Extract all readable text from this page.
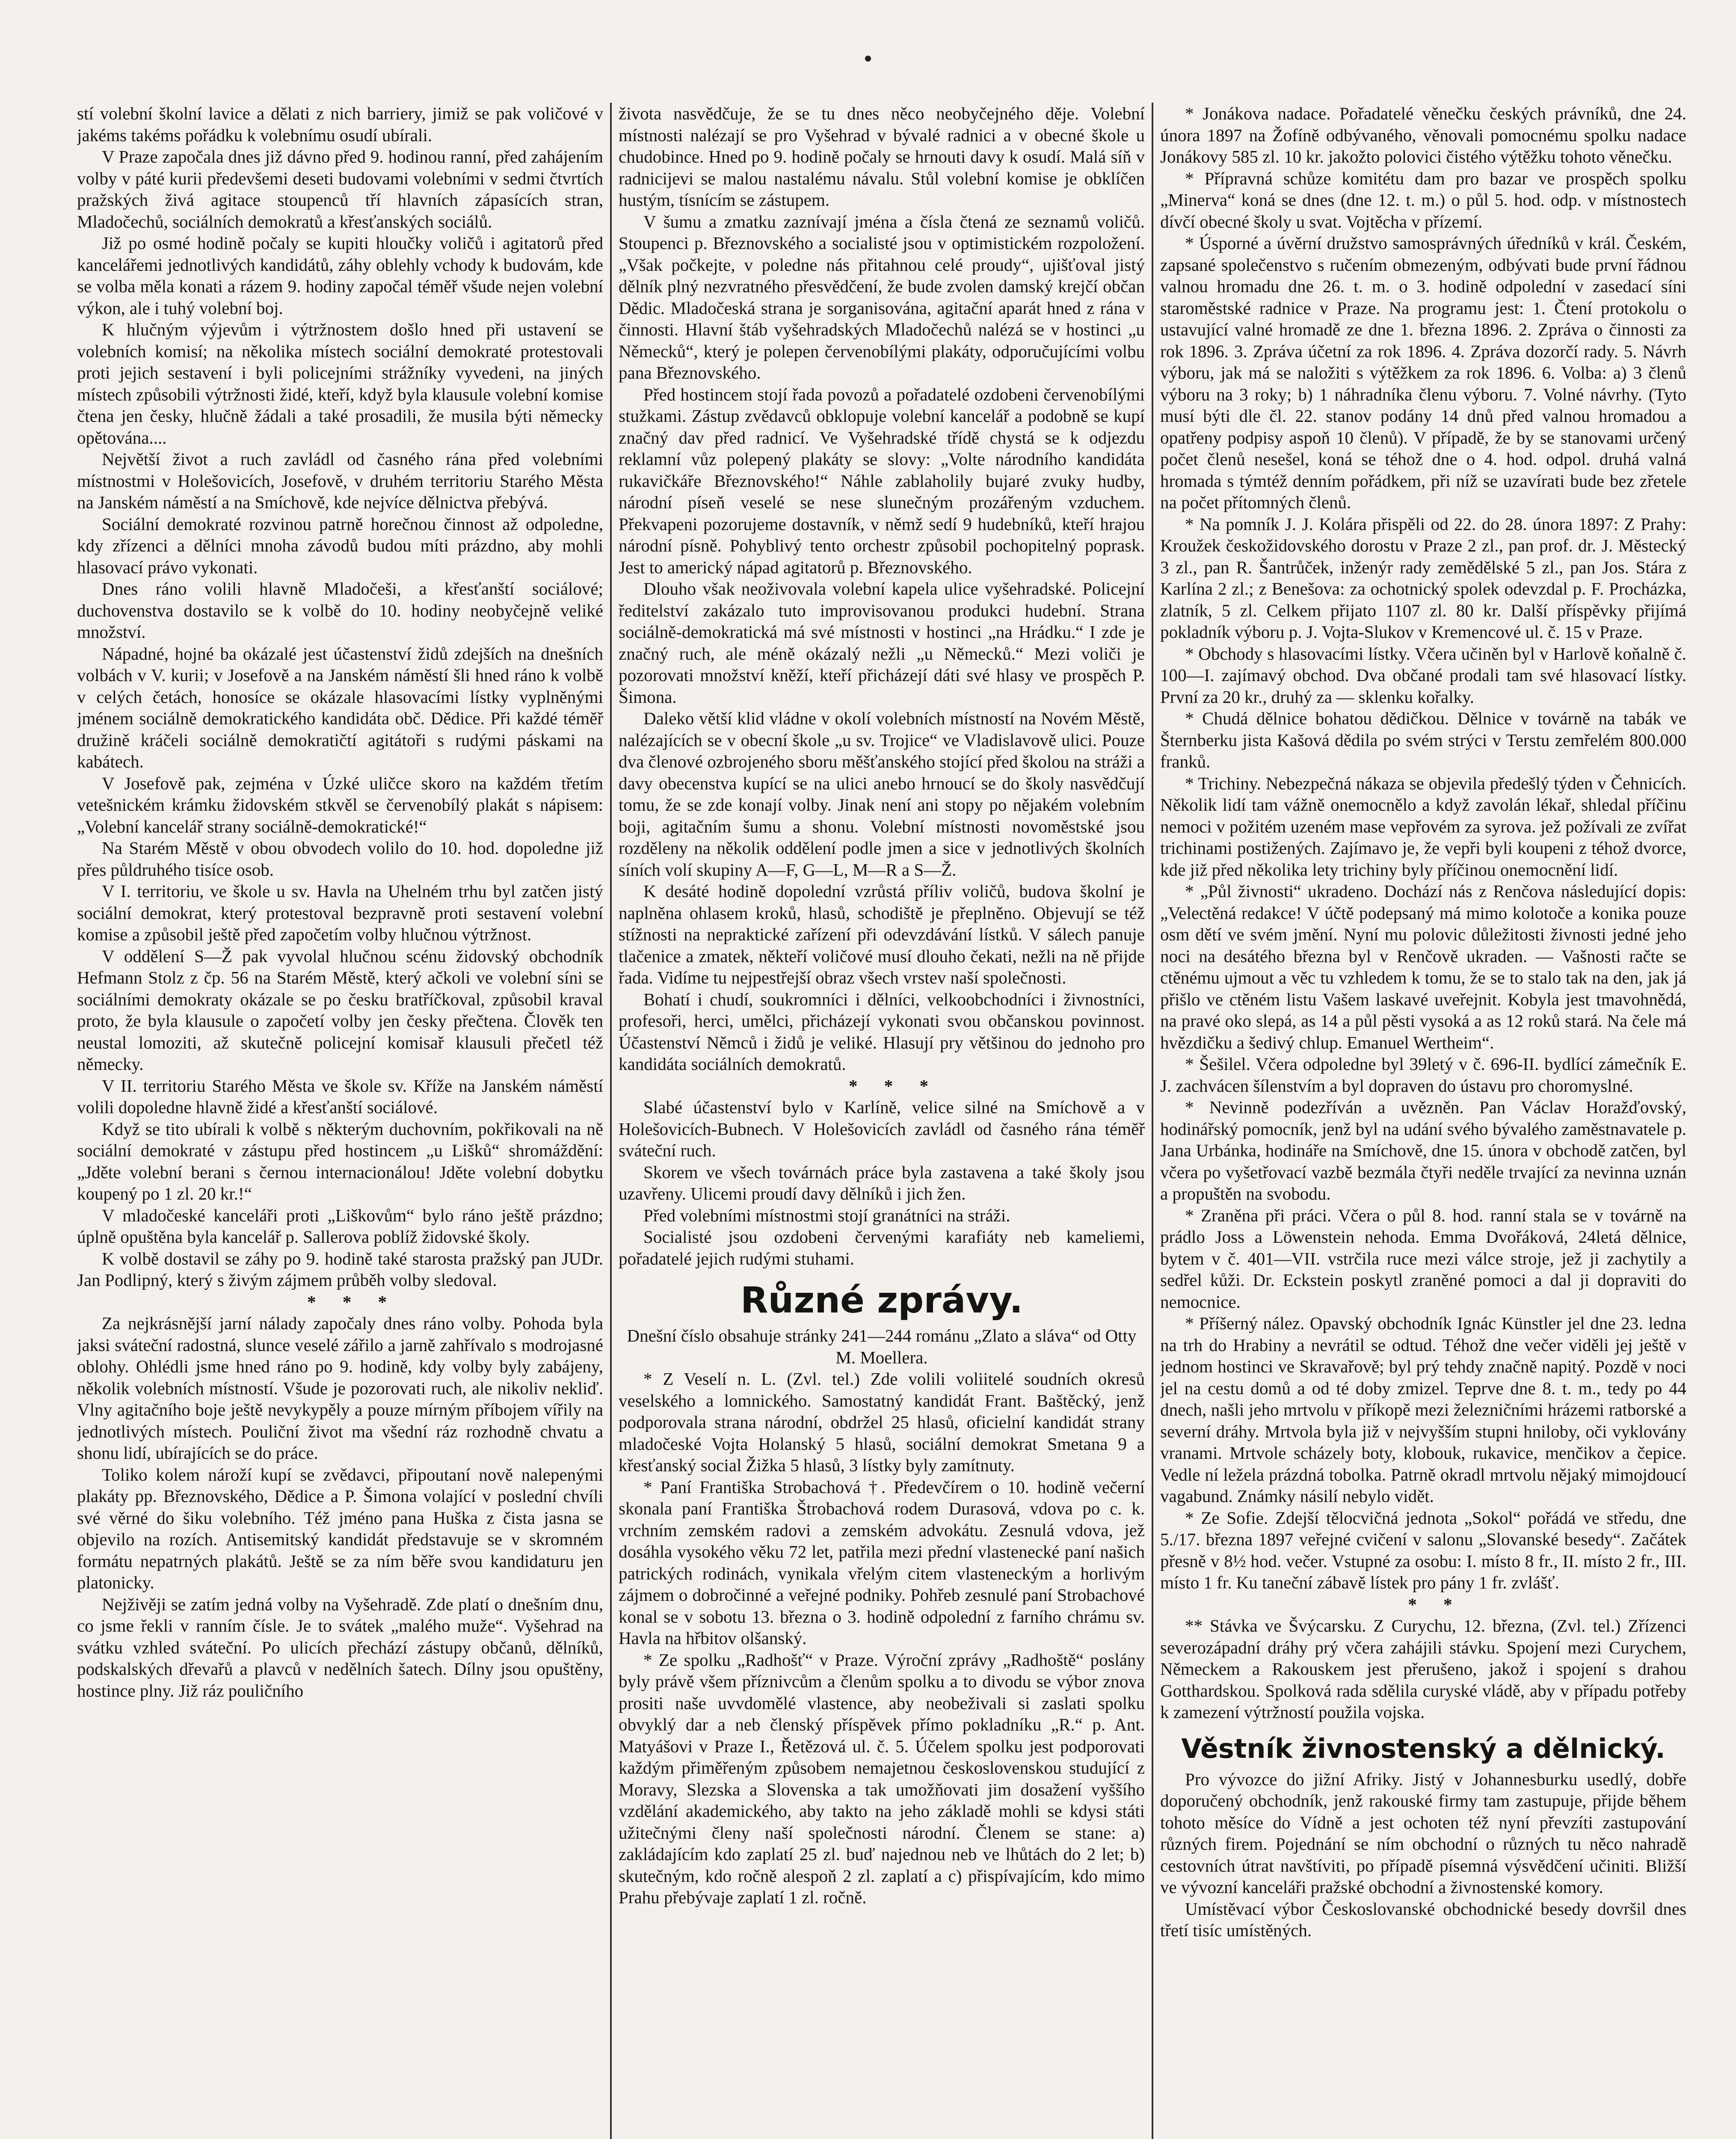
stí volební školní lavice a dělati z nich barriery, jimiž se pak voličové v jakéms takéms pořádku k volebnímu osudí ubírali.

V Praze započala dnes již dávno před 9. hodinou ranní, před zahájením volby v páté kurii předevšemi deseti budovami volebními v sedmi čtvrtích pražských živá agitace stoupenců tří hlavních zápasících stran, Mladočechů, sociálních demokratů a křesťanských sociálů.

Již po osmé hodině počaly se kupiti hloučky voličů i agitatorů před kancelářemi jednotlivých kandidátů, záhy oblehly vchody k budovám, kde se volba měla konati a rázem 9. hodiny započal téměř všude nejen volební výkon, ale i tuhý volební boj.

K hlučným výjevům i výtržnostem došlo hned při ustavení se volebních komisí; na několika místech sociální demokraté protestovali proti jejich sestavení i byli policejními strážníky vyvedeni, na jiných místech způsobili výtržnosti židé, kteří, když byla klausule volební komise čtena jen česky, hlučně žádali a také prosadili, že musila býti německy opětována....

Největší život a ruch zavládl od časného rána před volebními místnostmi v Holešovicích, Josefově, v druhém territoriu Starého Města na Janském náměstí a na Smíchově, kde nejvíce dělnictva přebývá.

Sociální demokraté rozvinou patrně horečnou činnost až odpoledne, kdy zřízenci a dělníci mnoha závodů budou míti prázdno, aby mohli hlasovací právo vykonati.

Dnes ráno volili hlavně Mladočeši, a křesťanští sociálové; duchovenstva dostavilo se k volbě do 10. hodiny neobyčejně veliké množství.

Nápadné, hojné ba okázalé jest účastenství židů zdejších na dnešních volbách v V. kurii; v Josefově a na Janském náměstí šli hned ráno k volbě v celých četách, honosíce se okázale hlasovacími lístky vyplněnými jménem sociálně demokratického kandidáta obč. Dědice. Při každé téměř družině kráčeli sociálně demokratičtí agitátoři s rudými páskami na kabátech.

V Josefově pak, zejména v Úzké uličce skoro na každém třetím vetešnickém krámku židovském stkvěl se červenobílý plakát s nápisem: „Volební kancelář strany sociálně-demokratické!“

Na Starém Městě v obou obvodech volilo do 10. hod. dopoledne již přes půldruhého tisíce osob.

V I. territoriu, ve škole u sv. Havla na Uhelném trhu byl zatčen jistý sociální demokrat, který protestoval bezpravně proti sestavení volební komise a způsobil ještě před započetím volby hlučnou výtržnost.

V oddělení S—Ž pak vyvolal hlučnou scénu židovský obchodník Hefmann Stolz z čp. 56 na Starém Městě, který ačkoli ve volební síni se sociálními demokraty okázale se po česku bratříčkoval, způsobil kraval proto, že byla klausule o započetí volby jen česky přečtena. Člověk ten neustal lomoziti, až skutečně policejní komisař klausuli přečetl též německy.

V II. territoriu Starého Města ve škole sv. Kříže na Janském náměstí volili dopoledne hlavně židé a křesťanští sociálové.

Když se tito ubírali k volbě s některým duchovním, pokřikovali na ně sociální demokraté v zástupu před hostincem „u Lišků“ shromáždění: „Jděte volební berani s černou internacionálou! Jděte volební dobytku koupený po 1 zl. 20 kr.!“

V mladočeské kanceláři proti „Liškovům“ bylo ráno ještě prázdno; úplně opuštěna byla kancelář p. Sallerova poblíž židovské školy.

K volbě dostavil se záhy po 9. hodině také starosta pražský pan JUDr. Jan Podlipný, který s živým zájmem průběh volby sledoval.

* * *

Za nejkrásnější jarní nálady započaly dnes ráno volby. Pohoda byla jaksi sváteční radostná, slunce veselé zářilo a jarně zahřívalo s modrojasné oblohy. Ohlédli jsme hned ráno po 9. hodině, kdy volby byly zabájeny, několik volebních místností. Všude je pozorovati ruch, ale nikoliv nekliď. Vlny agitačního boje ještě nevykypěly a pouze mírným příbojem vířily na jednotlivých místech. Pouliční život ma všední ráz rozhodně chvatu a shonu lidí, ubírajících se do práce.

Toliko kolem nároží kupí se zvědavci, připoutaní nově nalepenými plakáty pp. Březnovského, Dědice a P. Šimona volající v poslední chvíli své věrné do šiku volebního. Též jméno pana Huška z čista jasna se objevilo na rozích. Antisemitský kandidát představuje se v skromném formátu nepatrných plakátů. Ještě se za ním běře svou kandidaturu jen platonicky.

Nejživěji se zatím jedná volby na Vyšehradě. Zde platí o dnešním dnu, co jsme řekli v ranním čísle. Je to svátek „malého muže“. Vyšehrad na svátku vzhled sváteční. Po ulicích přechází zástupy občanů, dělníků, podskalských dřevařů a plavců v nedělních šatech. Dílny jsou opuštěny, hostince plny. Již ráz pouličního

života nasvědčuje, že se tu dnes něco neobyčejného děje. Volební místnosti nalézají se pro Vyšehrad v bývalé radnici a v obecné škole u chudobince. Hned po 9. hodině počaly se hrnouti davy k osudí. Malá síň v radnicijevi se malou nastalému návalu. Stůl volební komise je obklíčen hustým, tísnícím se zástupem.

V šumu a zmatku zaznívají jména a čísla čtená ze seznamů voličů. Stoupenci p. Březnovského a socialisté jsou v optimistickém rozpoložení. „Však počkejte, v poledne nás přitahnou celé proudy“, ujišťoval jistý dělník plný nezvratného přesvědčení, že bude zvolen damský krejčí občan Dědic. Mladočeská strana je sorganisována, agitační aparát hned z rána v činnosti. Hlavní štáb vyšehradských Mladočechů nalézá se v hostinci „u Německů“, který je polepen červenobílými plakáty, odporučujícími volbu pana Březnovského.

Před hostincem stojí řada povozů a pořadatelé ozdobeni červenobílými stužkami. Zástup zvědavců obklopuje volební kancelář a podobně se kupí značný dav před radnicí. Ve Vyšehradské třídě chystá se k odjezdu reklamní vůz polepený plakáty se slovy: „Volte národního kandidáta rukavičkáře Březnovského!“ Náhle zablaholily bujaré zvuky hudby, národní píseň veselé se nese slunečným prozářeným vzduchem. Překvapeni pozorujeme dostavník, v němž sedí 9 hudebníků, kteří hrajou národní písně. Pohyblivý tento orchestr způsobil pochopitelný poprask. Jest to americký nápad agitatorů p. Březnovského.

Dlouho však neoživovala volební kapela ulice vyšehradské. Policejní ředitelství zakázalo tuto improvisovanou produkci hudební. Strana sociálně-demokratická má své místnosti v hostinci „na Hrádku.“ I zde je značný ruch, ale méně okázalý nežli „u Německů.“ Mezi voliči je pozorovati množství kněží, kteří přicházejí dáti své hlasy ve prospěch P. Šimona.

Daleko větší klid vládne v okolí volebních místností na Novém Městě, nalézajících se v obecní škole „u sv. Trojice“ ve Vladislavově ulici. Pouze dva členové ozbrojeného sboru měšťanského stojící před školou na stráži a davy obecenstva kupící se na ulici anebo hrnoucí se do školy nasvědčují tomu, že se zde konají volby. Jinak není ani stopy po nějakém volebním boji, agitačním šumu a shonu. Volební místnosti novoměstské jsou rozděleny na několik oddělení podle jmen a sice v jednotlivých školních síních volí skupiny A—F, G—L, M—R a S—Ž.

K desáté hodině dopolední vzrůstá příliv voličů, budova školní je naplněna ohlasem kroků, hlasů, schodiště je přeplněno. Objevují se též stížnosti na nepraktické zařízení při odevzdávání lístků. V sálech panuje tlačenice a zmatek, někteří voličové musí dlouho čekati, nežli na ně přijde řada. Vidíme tu nejpestřejší obraz všech vrstev naší společnosti.

Bohatí i chudí, soukromníci i dělníci, velkoobchodníci i živnostníci, profesoři, herci, umělci, přicházejí vykonati svou občanskou povinnost. Účastenství Němců i židů je veliké. Hlasují pry většinou do jednoho pro kandidáta sociálních demokratů.

* * *

Slabé účastenství bylo v Karlíně, velice silné na Smíchově a v Holešovicích-Bubnech. V Holešovicích zavládl od časného rána téměř sváteční ruch.

Skorem ve všech továrnách práce byla zastavena a také školy jsou uzavřeny. Ulicemi proudí davy dělníků i jich žen.

Před volebními místnostmi stojí granátníci na stráži.

Socialisté jsou ozdobeni červenými karafiáty neb kameliemi, pořadatelé jejich rudými stuhami.

Různé zprávy.

Dnešní číslo obsahuje stránky 241—244 románu „Zlato a sláva“ od Otty M. Moellera.

* Z Veselí n. L. (Zvl. tel.) Zde volili voliitelé soudních okresů veselského a lomnického. Samostatný kandidát Frant. Baštěcký, jenž podporovala strana národní, obdržel 25 hlasů, oficielní kandidát strany mladočeské Vojta Holanský 5 hlasů, sociální demokrat Smetana 9 a křesťanský social Žižka 5 hlasů, 3 lístky byly zamítnuty.

* Paní Františka Strobachová †. Předevčírem o 10. hodině večerní skonala paní Františka Štrobachová rodem Durasová, vdova po c. k. vrchním zemském radovi a zemském advokátu. Zesnulá vdova, jež dosáhla vysokého věku 72 let, patřila mezi přední vlastenecké paní našich patrických rodinách, vynikala vřelým citem vlasteneckým a horlivým zájmem o dobročinné a veřejné podniky. Pohřeb zesnulé paní Strobachové konal se v sobotu 13. března o 3. hodině odpolední z farního chrámu sv. Havla na hřbitov olšanský.

* Ze spolku „Radhošť“ v Praze. Výroční zprávy „Radhoště“ poslány byly právě všem příznivcům a členům spolku a to divodu se výbor znova prositi naše uvvdomělé vlastence, aby neobeživali si zaslati spolku obvyklý dar a neb členský příspěvek přímo pokladníku „R.“ p. Ant. Matyášovi v Praze I., Řetězová ul. č. 5. Účelem spolku jest podporovati každým přiměřeným způsobem nemajetnou československou studující z Moravy, Slezska a Slovenska a tak umožňovati jim dosažení vyššího vzdělání akademického, aby takto na jeho základě mohli se kdysi státi užitečnými členy naší společnosti národní. Členem se stane: a) zakládajícím kdo zaplatí 25 zl. buď najednou neb ve lhůtách do 2 let; b) skutečným, kdo ročně alespoň 2 zl. zaplatí a c) přispívajícím, kdo mimo Prahu přebývaje zaplatí 1 zl. ročně.

* Jonákova nadace. Pořadatelé věnečku českých právníků, dne 24. února 1897 na Žofíně odbývaného, věnovali pomocnému spolku nadace Jonákovy 585 zl. 10 kr. jakožto polovici čistého výtěžku tohoto věnečku.

* Přípravná schůze komitétu dam pro bazar ve prospěch spolku „Minerva“ koná se dnes (dne 12. t. m.) o půl 5. hod. odp. v místnostech dívčí obecné školy u svat. Vojtěcha v přízemí.

* Úsporné a úvěrní družstvo samosprávných úředníků v král. Českém, zapsané společenstvo s ručením obmezeným, odbývati bude první řádnou valnou hromadu dne 26. t. m. o 3. hodině odpolední v zasedací síni staroměstské radnice v Praze. Na programu jest: 1. Čtení protokolu o ustavující valné hromadě ze dne 1. března 1896. 2. Zpráva o činnosti za rok 1896. 3. Zpráva účetní za rok 1896. 4. Zpráva dozorčí rady. 5. Návrh výboru, jak má se naložiti s výtěžkem za rok 1896. 6. Volba: a) 3 členů výboru na 3 roky; b) 1 náhradníka členu výboru. 7. Volné návrhy. (Tyto musí býti dle čl. 22. stanov podány 14 dnů před valnou hromadou a opatřeny podpisy aspoň 10 členů). V případě, že by se stanovami určený počet členů nesešel, koná se téhož dne o 4. hod. odpol. druhá valná hromada s týmtéž denním pořádkem, při níž se uzavírati bude bez zřetele na počet přítomných členů.

* Na pomník J. J. Kolára přispěli od 22. do 28. února 1897: Z Prahy: Kroužek českožidovského dorostu v Praze 2 zl., pan prof. dr. J. Městecký 3 zl., pan R. Šantrůček, inženýr rady zemědělské 5 zl., pan Jos. Stára z Karlína 2 zl.; z Benešova: za ochotnický spolek odevzdal p. F. Procházka, zlatník, 5 zl. Celkem přijato 1107 zl. 80 kr. Další příspěvky přijímá pokladník výboru p. J. Vojta-Slukov v Kremencové ul. č. 15 v Praze.

* Obchody s hlasovacími lístky. Včera učiněn byl v Harlově koňalně č. 100—I. zajímavý obchod. Dva občané prodali tam své hlasovací lístky. První za 20 kr., druhý za — sklenku kořalky.

* Chudá dělnice bohatou dědičkou. Dělnice v továrně na tabák ve Šternberku jista Kašová dědila po svém strýci v Terstu zemřelém 800.000 franků.

* Trichiny. Nebezpečná nákaza se objevila předešlý týden v Čehnicích. Několik lidí tam vážně onemocnělo a když zavolán lékař, shledal příčinu nemoci v požitém uzeném mase vepřovém za syrova. jež požívali ze zvířat trichinami postižených. Zajímavo je, že vepři byli koupeni z téhož dvorce, kde již před několika lety trichiny byly příčinou onemocnění lidí.

* „Půl živnosti“ ukradeno. Dochází nás z Renčova následující dopis: „Velectěná redakce! V účtě podepsaný má mimo kolotoče a konika pouze osm dětí ve svém jmění. Nyní mu polovic důležitosti živnosti jedné jeho noci na desátého března byl v Renčově ukraden. — Vašnosti račte se ctěnému ujmout a věc tu vzhledem k tomu, že se to stalo tak na den, jak já přišlo ve ctěném listu Vašem laskavé uveřejnit. Kobyla jest tmavohnědá, na pravé oko slepá, as 14 a půl pěsti vysoká a as 12 roků stará. Na čele má hvězdičku a šedivý chlup. Emanuel Wertheim“.

* Šešilel. Včera odpoledne byl 39letý v č. 696-II. bydlící zámečník E. J. zachvácen šílenstvím a byl dopraven do ústavu pro choromyslné.

* Nevinně podezříván a uvězněn. Pan Václav Horažďovský, hodinářský pomocník, jenž byl na udání svého bývalého zaměstnavatele p. Jana Urbánka, hodináře na Smíchově, dne 15. února v obchodě zatčen, byl včera po vyšetřovací vazbě bezmála čtyři neděle trvající za nevinna uznán a propuštěn na svobodu.

* Zraněna při práci. Včera o půl 8. hod. ranní stala se v továrně na prádlo Joss a Löwenstein nehoda. Emma Dvořáková, 24letá dělnice, bytem v č. 401—VII. vstrčila ruce mezi válce stroje, jež ji zachytily a sedřel kůži. Dr. Eckstein poskytl zraněné pomoci a dal ji dopraviti do nemocnice.

* Příšerný nález. Opavský obchodník Ignác Künstler jel dne 23. ledna na trh do Hrabiny a nevrátil se odtud. Téhož dne večer viděli jej ještě v jednom hostinci ve Skravařově; byl prý tehdy značně napitý. Pozdě v noci jel na cestu domů a od té doby zmizel. Teprve dne 8. t. m., tedy po 44 dnech, našli jeho mrtvolu v příkopě mezi železničními hrázemi ratborské a severní dráhy. Mrtvola byla již v nejvyšším stupni hniloby, oči vyklovány vranami. Mrtvole scházely boty, klobouk, rukavice, menčikov a čepice. Vedle ní ležela prázdná tobolka. Patrně okradl mrtvolu nějaký mimojdoucí vagabund. Známky násilí nebylo vidět.

* Ze Sofie. Zdejší tělocvičná jednota „Sokol“ pořádá ve středu, dne 5./17. března 1897 veřejné cvičení v salonu „Slovanské besedy“. Začátek přesně v 8½ hod. večer. Vstupné za osobu: I. místo 8 fr., II. místo 2 fr., III. místo 1 fr. Ku taneční zábavě lístek pro pány 1 fr. zvlášť.

* *

** Stávka ve Švýcarsku. Z Curychu, 12. března, (Zvl. tel.) Zřízenci severozápadní dráhy prý včera zahájili stávku. Spojení mezi Curychem, Německem a Rakouskem jest přerušeno, jakož i spojení s drahou Gotthardskou. Spolková rada sdělila curyské vládě, aby v případu potřeby k zamezení výtržností použila vojska.

Věstník živnostenský a dělnický.

Pro vývozce do jižní Afriky. Jistý v Johannesburku usedlý, dobře doporučený obchodník, jenž rakouské firmy tam zastupuje, přijde během tohoto měsíce do Vídně a jest ochoten též nyní převzíti zastupování různých firem. Pojednání se ním obchodní o různých tu něco nahradě cestovních útrat navštíviti, po případě písemná výsvědčení učiniti. Bližší ve vývozní kanceláři pražské obchodní a živnostenské komory.

Umístěvací výbor Českoslovanské obchodnické besedy dovršil dnes třetí tisíc umístěných.
